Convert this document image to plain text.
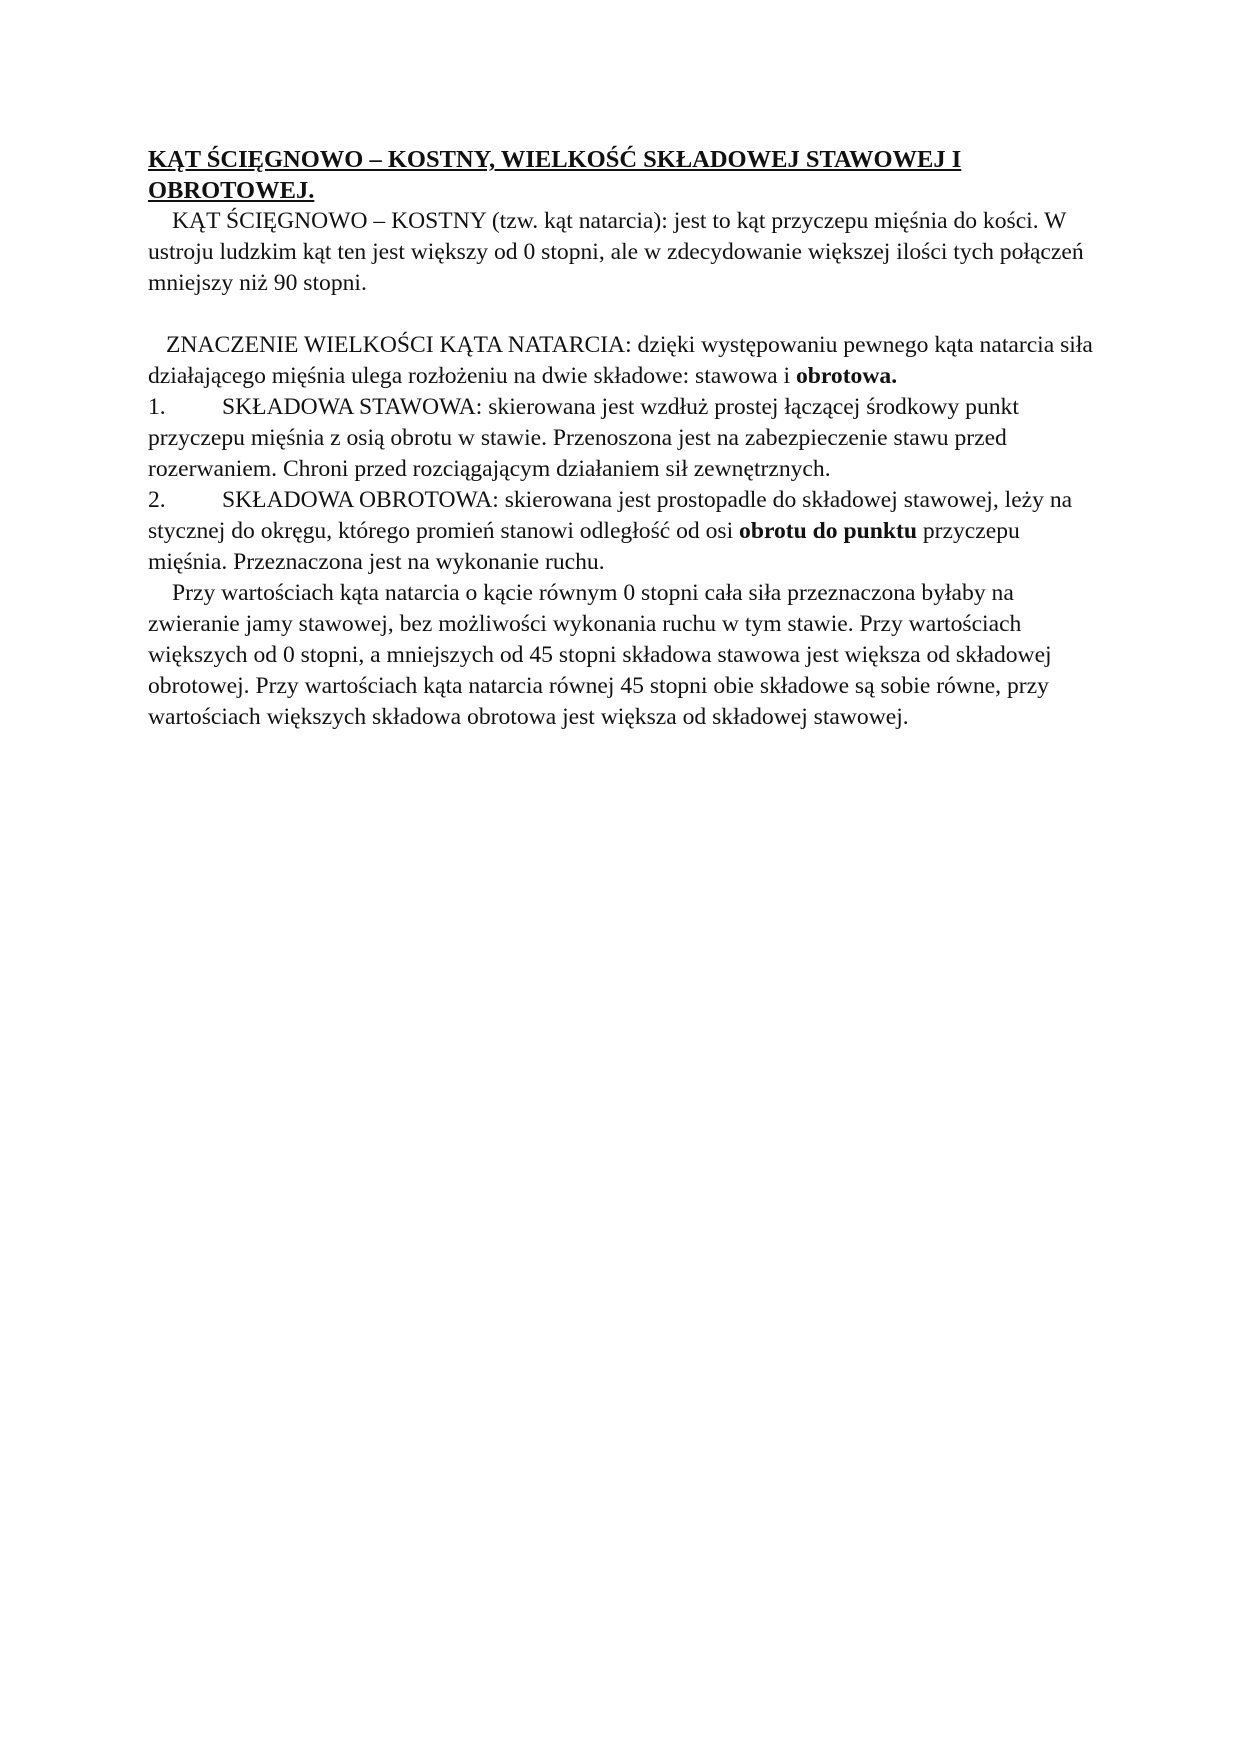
KĄT ŚCIĘGNOWO – KOSTNY, WIELKOŚĆ SKŁADOWEJ STAWOWEJ I OBROTOWEJ.

KĄT ŚCIĘGNOWO – KOSTNY (tzw. kąt natarcia): jest to kąt przyczepu mięśnia do kości. W ustroju ludzkim kąt ten jest większy od 0 stopni, ale w zdecydowanie większej ilości tych połączeń mniejszy niż 90 stopni.

ZNACZENIE WIELKOŚCI KĄTA NATARCIA: dzięki występowaniu pewnego kąta natarcia siła działającego mięśnia ulega rozłożeniu na dwie składowe: stawowa i obrotowa.

1. SKŁADOWA STAWOWA: skierowana jest wzdłuż prostej łączącej środkowy punkt przyczepu mięśnia z osią obrotu w stawie. Przenoszona jest na zabezpieczenie stawu przed rozerwaniem. Chroni przed rozciągającym działaniem sił zewnętrznych.

2. SKŁADOWA OBROTOWA: skierowana jest prostopadle do składowej stawowej, leży na stycznej do okręgu, którego promień stanowi odległość od osi obrotu do punktu przyczepu mięśnia. Przeznaczona jest na wykonanie ruchu.

Przy wartościach kąta natarcia o kącie równym 0 stopni cała siła przeznaczona byłaby na zwieranie jamy stawowej, bez możliwości wykonania ruchu w tym stawie. Przy wartościach większych od 0 stopni, a mniejszych od 45 stopni składowa stawowa jest większa od składowej obrotowej. Przy wartościach kąta natarcia równej 45 stopni obie składowe są sobie równe, przy wartościach większych składowa obrotowa jest większa od składowej stawowej.
